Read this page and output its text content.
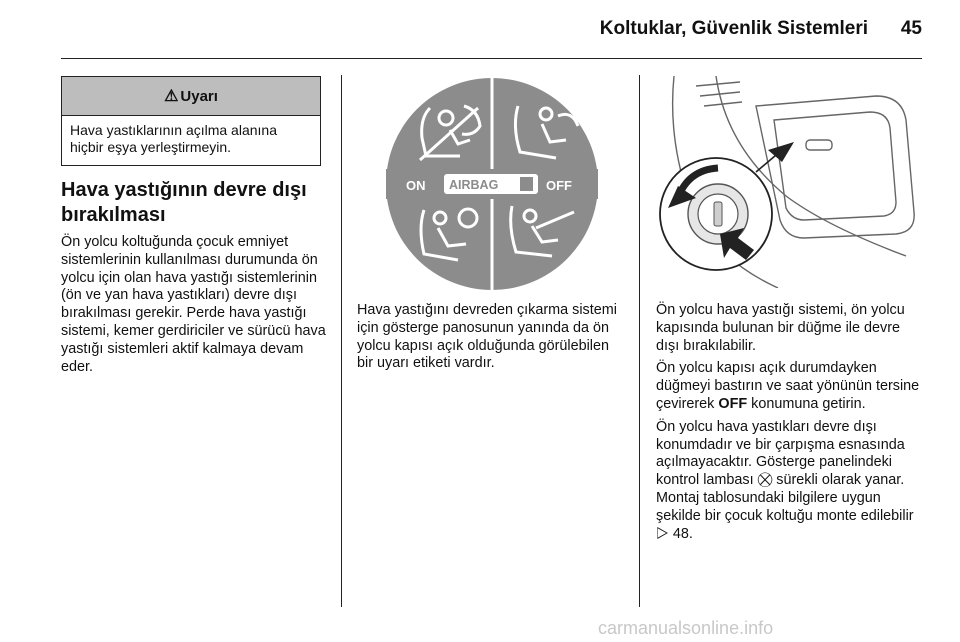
Koltuklar, Güvenlik Sistemleri 45
⚠ Uyarı
Hava yastıklarının açılma alanına hiçbir eşya yerleştirmeyin.
Hava yastığının devre dışı bırakılması
Ön yolcu koltuğunda çocuk emniyet sistemlerinin kullanılması durumunda ön yolcu için olan hava yastığı sistemlerinin (ön ve yan hava yastıkları) devre dışı bırakılması gerekir. Perde hava yastığı sistemi, kemer gerdiriciler ve sürücü hava yastığı sistemleri aktif kalmaya devam eder.
ON AIRBAG	OFF
Hava yastığını devreden çıkarma sistemi için gösterge panosunun yanında da ön yolcu kapısı açık olduğunda görülebilen bir uyarı etiketi vardır.

Ön yolcu hava yastığı sistemi, ön yolcu kapısında bulunan bir düğme ile devre dışı bırakılabilir.

Ön yolcu kapısı açık durumdayken düğmeyi bastırın ve saat yönünün tersine çevirerek OFF konumuna getirin.

Ön yolcu hava yastıkları devre dışı konumdadır ve bir çarpışma esnasında açılmayacaktır. Gösterge panelindeki kontrol lambası ⛒ sürekli olarak yanar. Montaj tablosundaki bilgilere uygun şekilde bir çocuk koltuğu monte edilebilir ▷ 48.

carmanualsonline.info
